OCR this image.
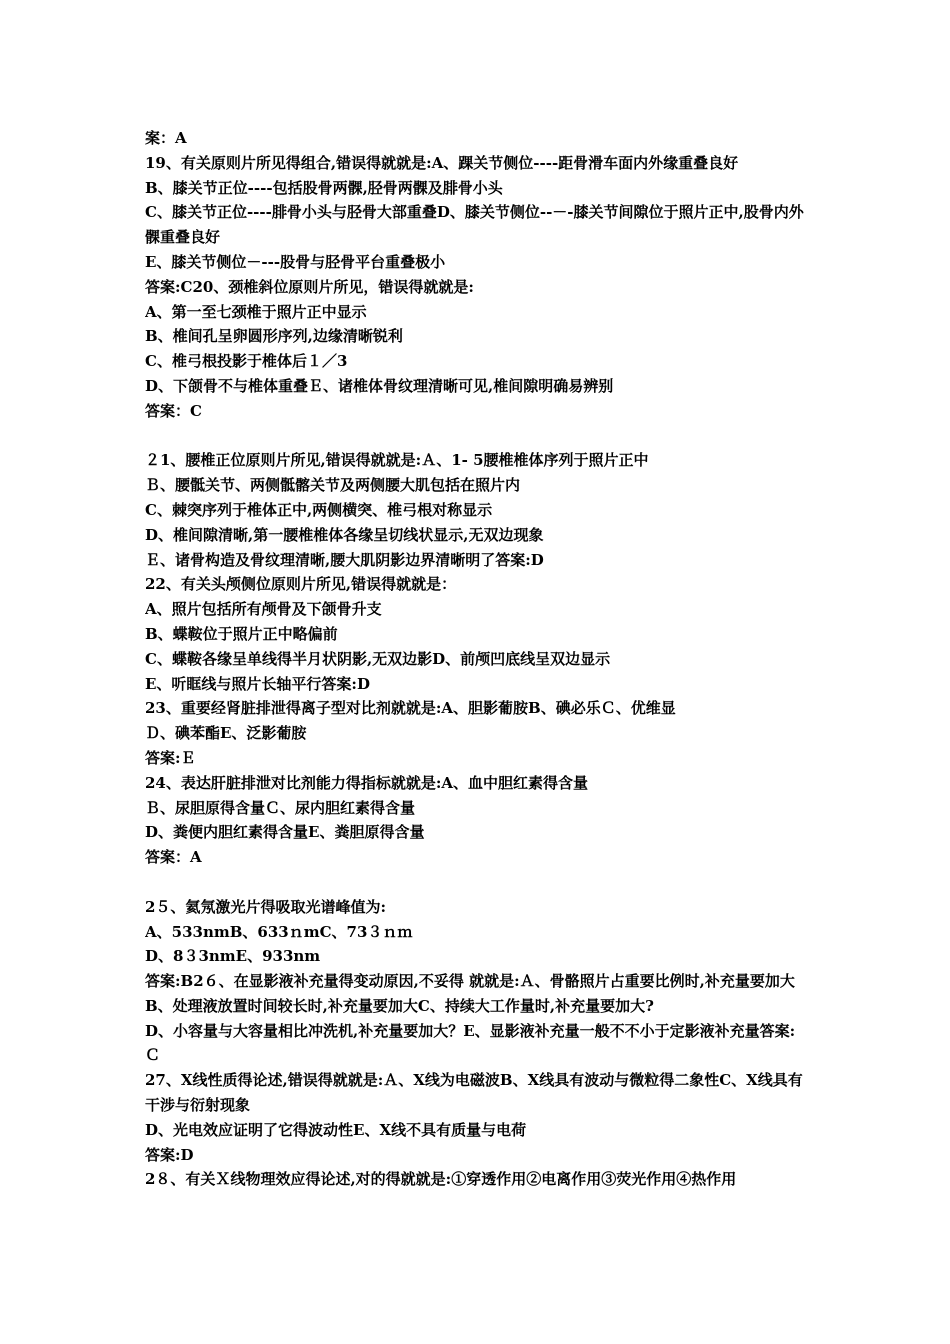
案：A
19、有关原则片所见得组合,错误得就就是:A、踝关节侧位----距骨滑车面内外缘重叠良好
B、膝关节正位----包括股骨两髁,胫骨两髁及腓骨小头
C、膝关节正位----腓骨小头与胫骨大部重叠D、膝关节侧位--－-膝关节间隙位于照片正中,股骨内外髁重叠良好
E、膝关节侧位－---股骨与胫骨平台重叠极小
答案:C20、颈椎斜位原则片所见，错误得就就是:
A、第一至七颈椎于照片正中显示
B、椎间孔呈卵圆形序列,边缘清晰锐利
C、椎弓根投影于椎体后１／3
D、下颌骨不与椎体重叠Ｅ、诸椎体骨纹理清晰可见,椎间隙明确易辨别
答案：C
２1、腰椎正位原则片所见,错误得就就是:Ａ、1- 5腰椎椎体序列于照片正中
Ｂ、腰骶关节、两侧骶髂关节及两侧腰大肌包括在照片内
C、棘突序列于椎体正中,两侧横突、椎弓根对称显示
D、椎间隙清晰,第一腰椎椎体各缘呈切线状显示,无双边现象
Ｅ、诸骨构造及骨纹理清晰,腰大肌阴影边界清晰明了答案:D
22、有关头颅侧位原则片所见,错误得就就是：
A、照片包括所有颅骨及下颌骨升支
B、蝶鞍位于照片正中略偏前
C、蝶鞍各缘呈单线得半月状阴影,无双边影D、前颅凹底线呈双边显示
E、听眶线与照片长轴平行答案:D
23、重要经肾脏排泄得离子型对比剂就就是:A、胆影葡胺B、碘必乐Ｃ、优维显
Ｄ、碘苯酯E、泛影葡胺
答案:Ｅ
24、表达肝脏排泄对比剂能力得指标就就是:A、血中胆红素得含量
Ｂ、尿胆原得含量Ｃ、尿内胆红素得含量
D、粪便内胆红素得含量E、粪胆原得含量
答案：A
2５、氦氖激光片得吸取光谱峰值为:
A、533nmB、633ｎmC、73３ｎｍ
D、8３3nmE、933nm
答案:B2６、在显影液补充量得变动原因,不妥得 就就是:Ａ、骨骼照片占重要比例时,补充量要加大B、处理液放置时间较长时,补充量要加大C、持续大工作量时,补充量要加大?
D、小容量与大容量相比冲洗机,补充量要加大？E、显影液补充量一般不不小于定影液补充量答案:Ｃ
27、X线性质得论述,错误得就就是:Ａ、X线为电磁波B、X线具有波动与微粒得二象性C、X线具有干涉与衍射现象
D、光电效应证明了它得波动性E、X线不具有质量与电荷
答案:D
2８、有关Ｘ线物理效应得论述,对的得就就是:①穿透作用②电离作用③荧光作用④热作用
